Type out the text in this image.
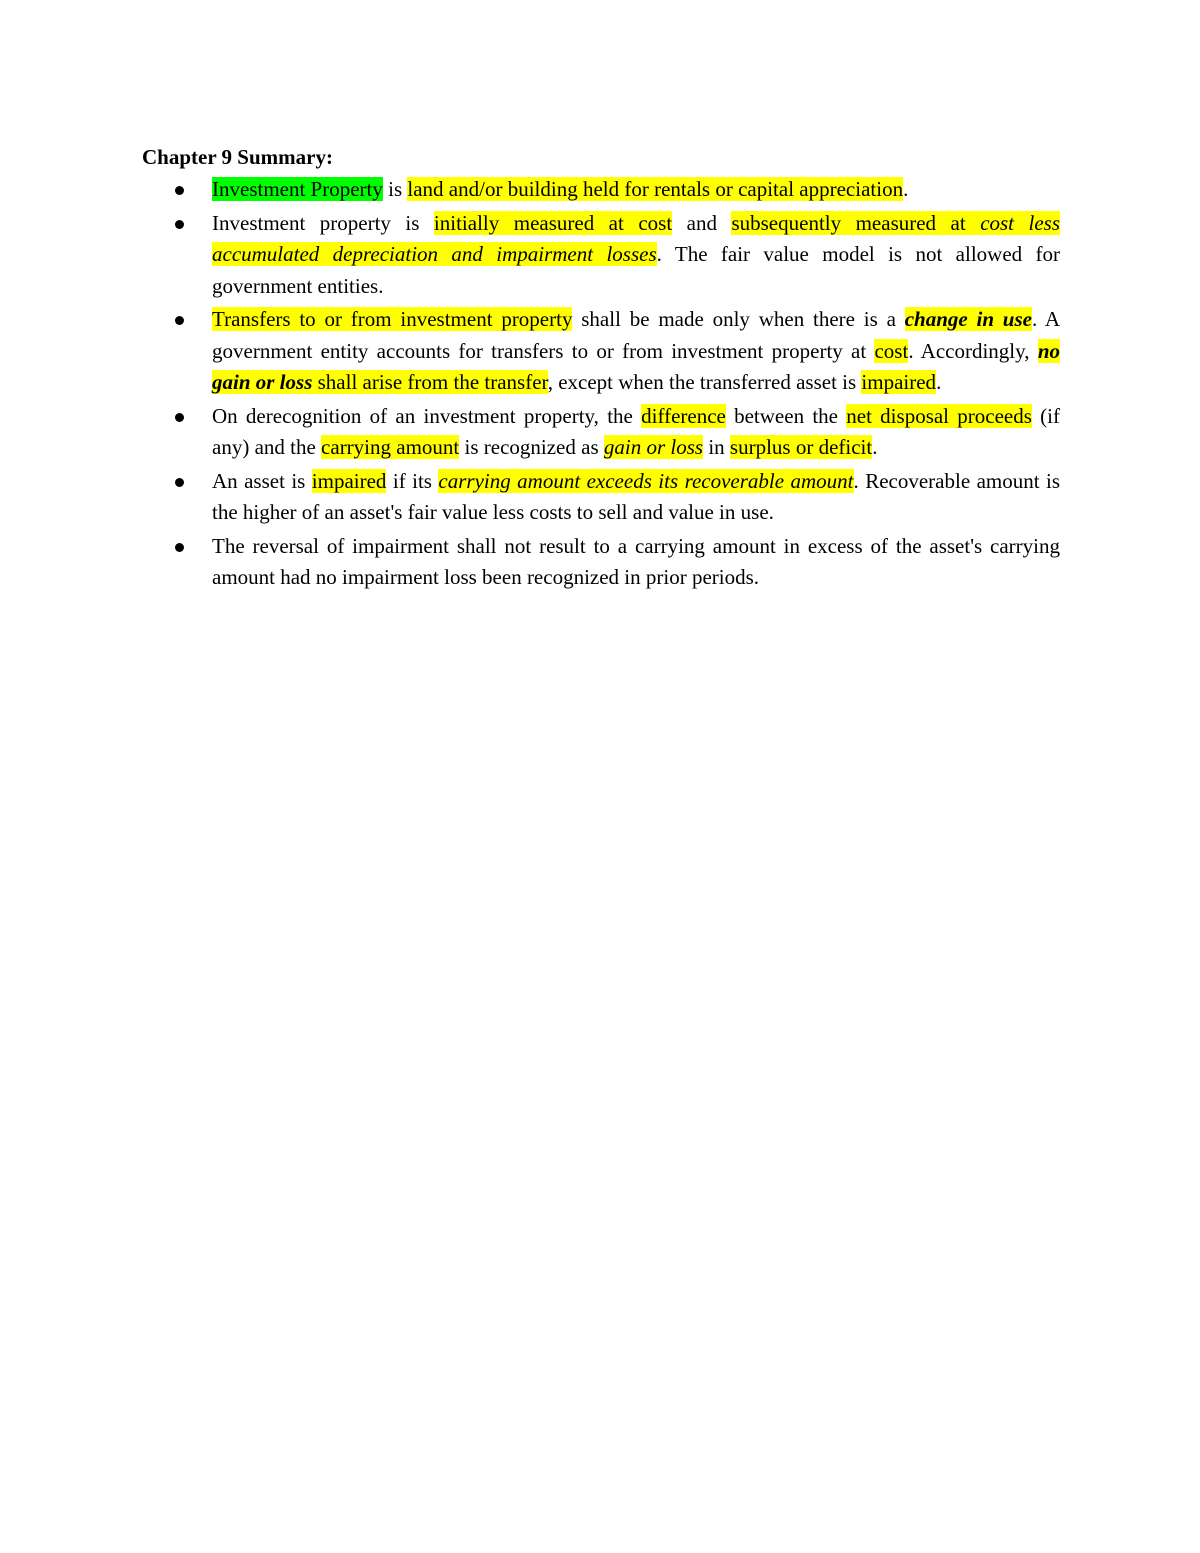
Chapter 9 Summary:
Investment Property is land and/or building held for rentals or capital appreciation.
Investment property is initially measured at cost and subsequently measured at cost less accumulated depreciation and impairment losses. The fair value model is not allowed for government entities.
Transfers to or from investment property shall be made only when there is a change in use. A government entity accounts for transfers to or from investment property at cost. Accordingly, no gain or loss shall arise from the transfer, except when the transferred asset is impaired.
On derecognition of an investment property, the difference between the net disposal proceeds (if any) and the carrying amount is recognized as gain or loss in surplus or deficit.
An asset is impaired if its carrying amount exceeds its recoverable amount. Recoverable amount is the higher of an asset's fair value less costs to sell and value in use.
The reversal of impairment shall not result to a carrying amount in excess of the asset's carrying amount had no impairment loss been recognized in prior periods.
